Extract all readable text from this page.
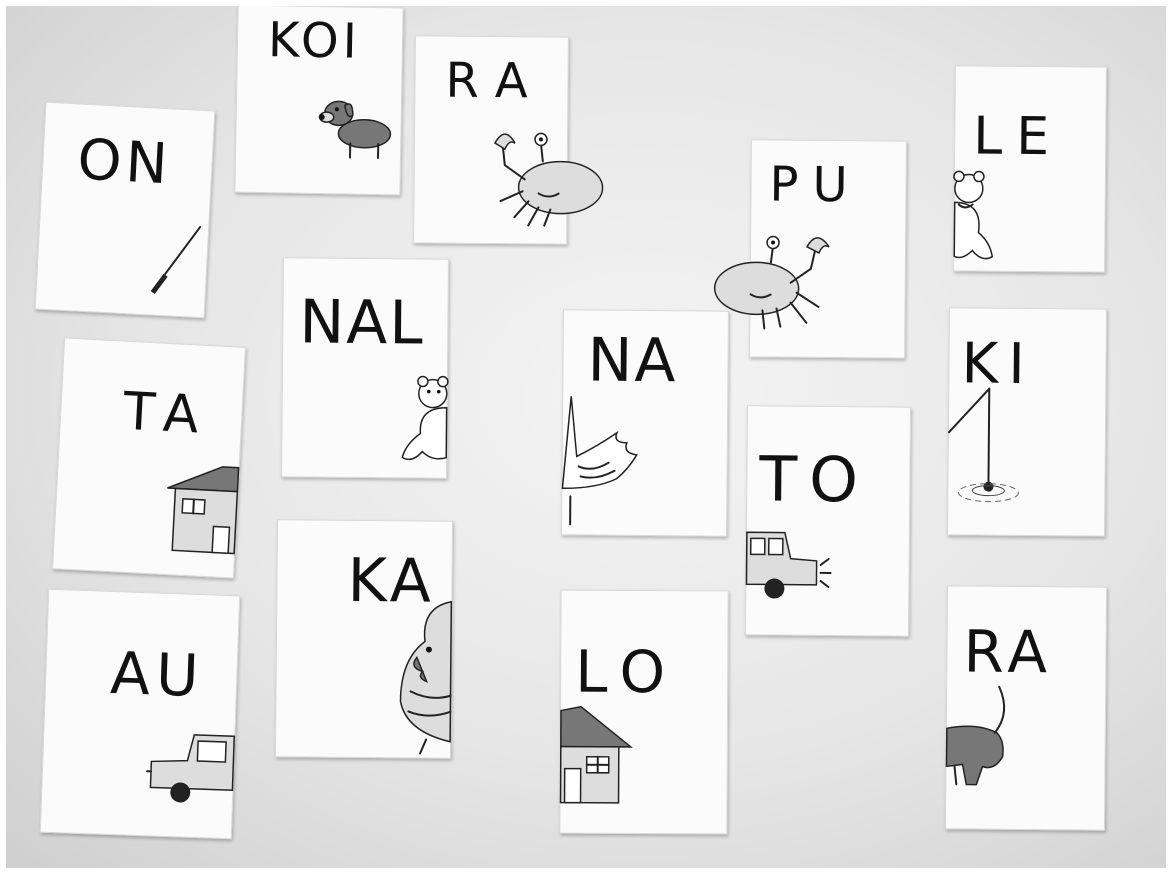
KOI
RA
ON	PU
LE
NAL
NA	KI
TA
TO
KA
AU	LO	RA
